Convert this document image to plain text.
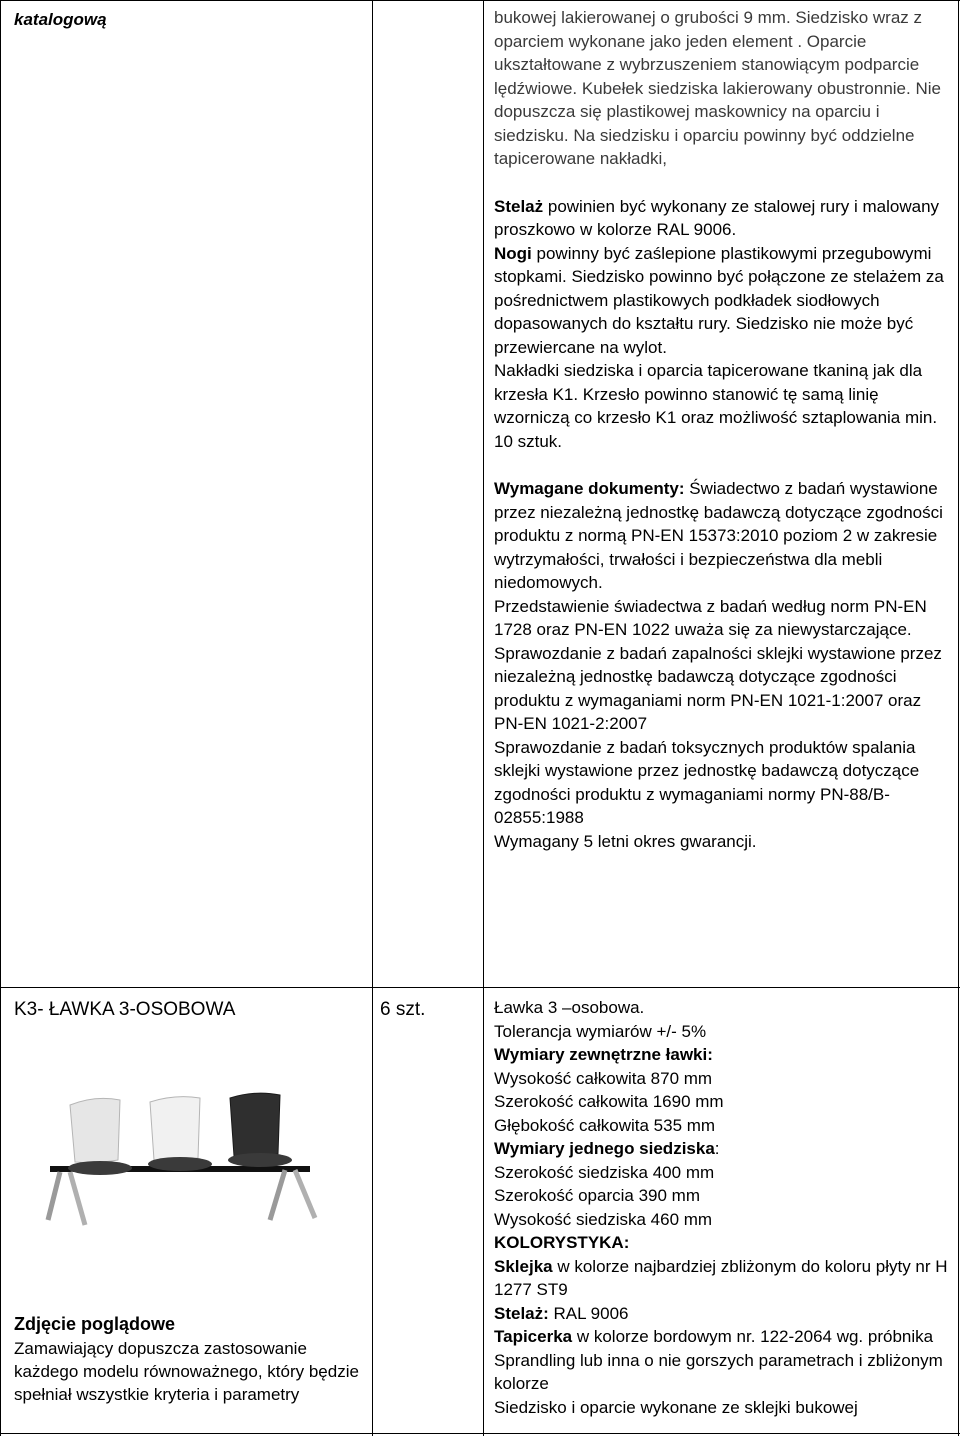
katalogową	bukowej lakierowanej o grubości 9 mm. Siedzisko wraz z oparciem wykonane jako jeden element . Oparcie ukształtowane z wybrzuszeniem stanowiącym podparcie lędźwiowe. Kubełek siedziska lakierowany obustronnie. Nie dopuszcza się plastikowej maskownicy na oparciu i siedzisku. Na siedzisku i oparciu powinny być oddzielne tapicerowane nakładki,

Stelaż powinien być wykonany ze stalowej rury i malowany proszkowo w kolorze RAL 9006.

Nogi powinny być zaślepione plastikowymi przegubowymi stopkami. Siedzisko powinno być połączone ze stelażem za pośrednictwem plastikowych podkładek siodłowych dopasowanych do kształtu rury. Siedzisko nie może być przewiercane na wylot.

Nakładki siedziska i oparcia tapicerowane tkaniną jak dla krzesła K1. Krzesło powinno stanowić tę samą linię wzorniczą co krzesło K1 oraz możliwość sztaplowania min. 10 sztuk.

Wymagane dokumenty: Świadectwo z badań wystawione przez niezależną jednostkę badawczą dotyczące zgodności produktu z normą PN-EN 15373:2010 poziom 2 w zakresie wytrzymałości, trwałości i bezpieczeństwa dla mebli niedomowych.

Przedstawienie świadectwa z badań według norm PN-EN 1728 oraz PN-EN 1022 uważa się za niewystarczające.
Sprawozdanie z badań zapalności sklejki wystawione przez niezależną jednostkę badawczą dotyczące zgodności produktu z wymaganiami norm PN-EN 1021-1:2007 oraz PN-EN 1021-2:2007
Sprawozdanie z badań toksycznych produktów spalania sklejki wystawione przez jednostkę badawczą dotyczące zgodności produktu z wymaganiami normy PN-88/B-02855:1988
Wymagany 5 letni okres gwarancji.

K3- ŁAWKA 3-OSOBOWA	6 szt.
Zdjęcie poglądowe
Zamawiający dopuszcza zastosowanie każdego modelu równoważnego, który będzie spełniał wszystkie kryteria i parametry

Ławka 3 –osobowa.

Tolerancja wymiarów +/- 5%

Wymiary zewnętrzne ławki:

Wysokość całkowita 870 mm

Szerokość całkowita 1690 mm

Głębokość całkowita 535 mm

Wymiary jednego siedziska:

Szerokość siedziska 400 mm

Szerokość oparcia 390 mm

Wysokość siedziska 460 mm

KOLORYSTYKA:

Sklejka w kolorze najbardziej zbliżonym do koloru płyty nr H 1277 ST9

Stelaż: RAL 9006

Tapicerka w kolorze bordowym nr. 122-2064 wg. próbnika Sprandling lub inna o nie gorszych parametrach i zbliżonym kolorze

Siedzisko i oparcie wykonane ze sklejki bukowej
